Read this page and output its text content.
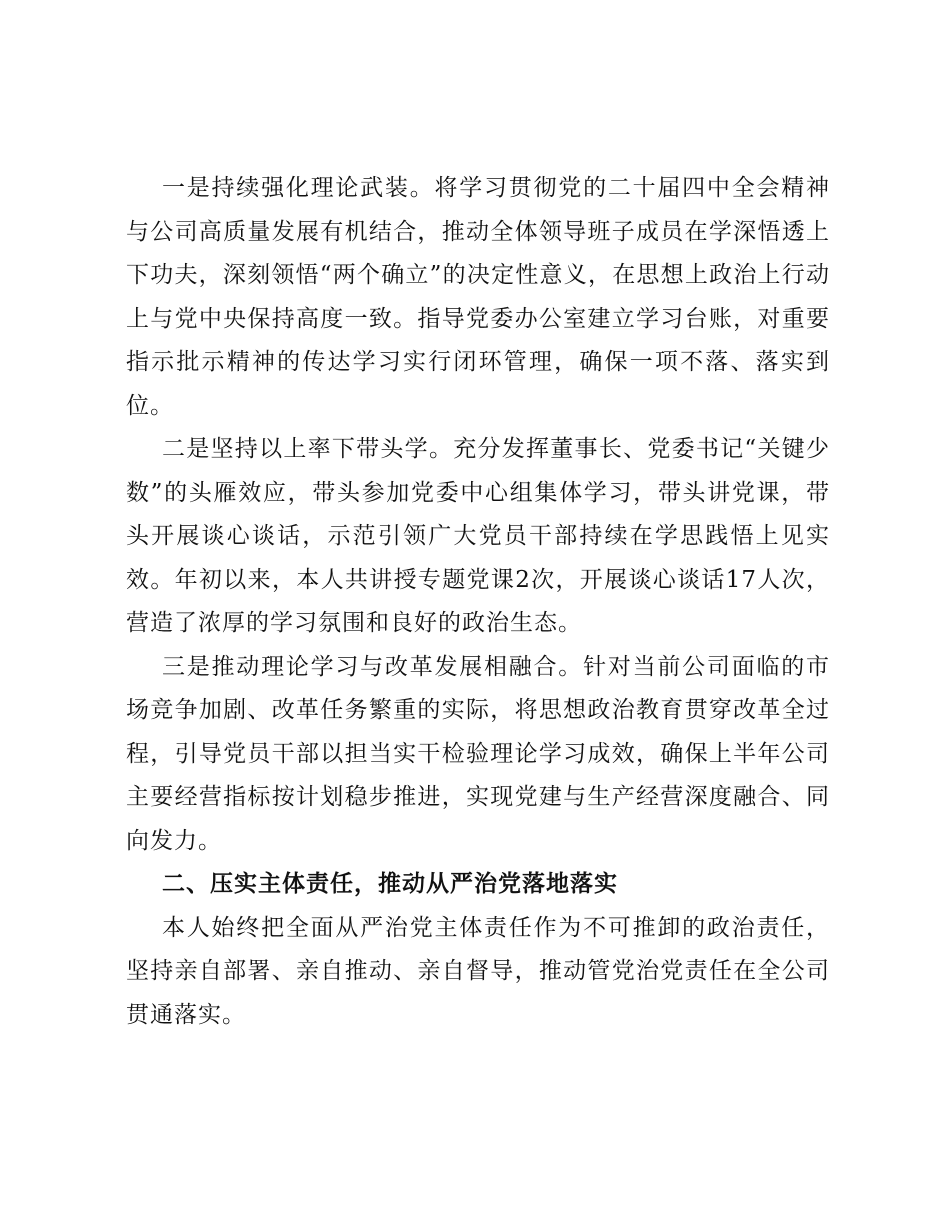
一是持续强化理论武装。将学习贯彻党的二十届四中全会精神与公司高质量发展有机结合，推动全体领导班子成员在学深悟透上下功夫，深刻领悟“两个确立”的决定性意义，在思想上政治上行动上与党中央保持高度一致。指导党委办公室建立学习台账，对重要指示批示精神的传达学习实行闭环管理，确保一项不落、落实到位。

二是坚持以上率下带头学。充分发挥董事长、党委书记“关键少数”的头雁效应，带头参加党委中心组集体学习，带头讲党课，带头开展谈心谈话，示范引领广大党员干部持续在学思践悟上见实效。年初以来，本人共讲授专题党课2次，开展谈心谈话17人次，营造了浓厚的学习氛围和良好的政治生态。

三是推动理论学习与改革发展相融合。针对当前公司面临的市场竞争加剧、改革任务繁重的实际，将思想政治教育贯穿改革全过程，引导党员干部以担当实干检验理论学习成效，确保上半年公司主要经营指标按计划稳步推进，实现党建与生产经营深度融合、同向发力。

二、压实主体责任，推动从严治党落地落实

本人始终把全面从严治党主体责任作为不可推卸的政治责任，坚持亲自部署、亲自推动、亲自督导，推动管党治党责任在全公司贯通落实。
